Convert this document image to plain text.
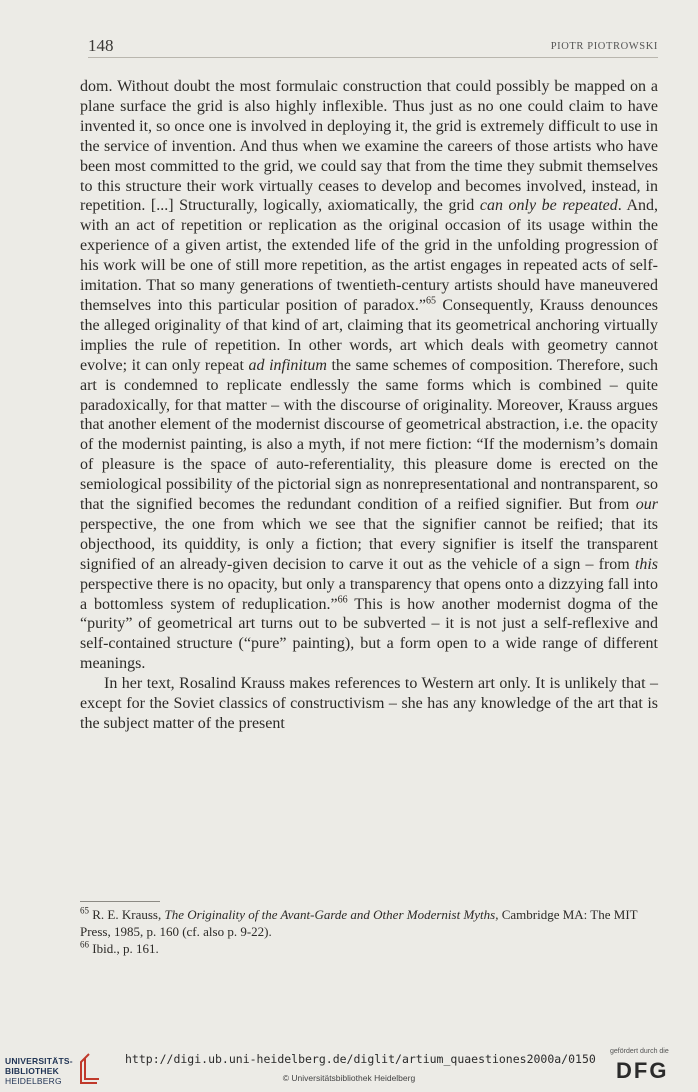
148	PIOTR PIOTROWSKI

dom. Without doubt the most formulaic construction that could possibly be mapped on a plane surface the grid is also highly inflexible. Thus just as no one could claim to have invented it, so once one is involved in deploying it, the grid is extremely difficult to use in the service of invention. And thus when we examine the careers of those artists who have been most committed to the grid, we could say that from the time they submit themselves to this structure their work virtually ceases to develop and becomes involved, instead, in repetition. [...] Structurally, logically, axiomatically, the grid can only be repeated. And, with an act of repetition or replication as the original occasion of its usage within the experience of a given artist, the extended life of the grid in the unfolding progression of his work will be one of still more repetition, as the artist engages in repeated acts of self-imitation. That so many generations of twentieth-century artists should have maneuvered themselves into this particular position of paradox.”$^{65}$ Consequently, Krauss denounces the alleged originality of that kind of art, claiming that its geometrical anchoring virtually implies the rule of repetition. In other words, art which deals with geometry cannot evolve; it can only repeat ad infinitum the same schemes of composition. Therefore, such art is condemned to replicate endlessly the same forms which is combined – quite paradoxically, for that matter – with the discourse of originality. Moreover, Krauss argues that another element of the modernist discourse of geometrical abstraction, i.e. the opacity of the modernist painting, is also a myth, if not mere fiction: “If the modernism’s domain of pleasure is the space of auto-referentiality, this pleasure dome is erected on the semiological possibility of the pictorial sign as nonrepresentational and nontransparent, so that the signified becomes the redundant condition of a reified signifier. But from our perspective, the one from which we see that the signifier cannot be reified; that its objecthood, its quiddity, is only a fiction; that every signifier is itself the transparent signified of an already-given decision to carve it out as the vehicle of a sign – from this perspective there is no opacity, but only a transparency that opens onto a dizzying fall into a bottomless system of reduplication.”$^{66}$ This is how another modernist dogma of the “purity” of geometrical art turns out to be subverted – it is not just a self-reflexive and self-contained structure (“pure” painting), but a form open to a wide range of different meanings.

In her text, Rosalind Krauss makes references to Western art only. It is unlikely that – except for the Soviet classics of constructivism – she has any knowledge of the art that is the subject matter of the present

$^{65}$ R. E. Krauss, The Originality of the Avant-Garde and Other Modernist Myths, Cambridge MA: The MIT Press, 1985, p. 160 (cf. also p. 9-22).

$^{66}$ Ibid., p. 161.

UNIVERSITÄTS-
BIBLIOTHEK
HEIDELBERG
http://digi.ub.uni-heidelberg.de/diglit/artium_quaestiones2000a/0150
© Universitätsbibliothek Heidelberg
gefördert durch die
DFG
